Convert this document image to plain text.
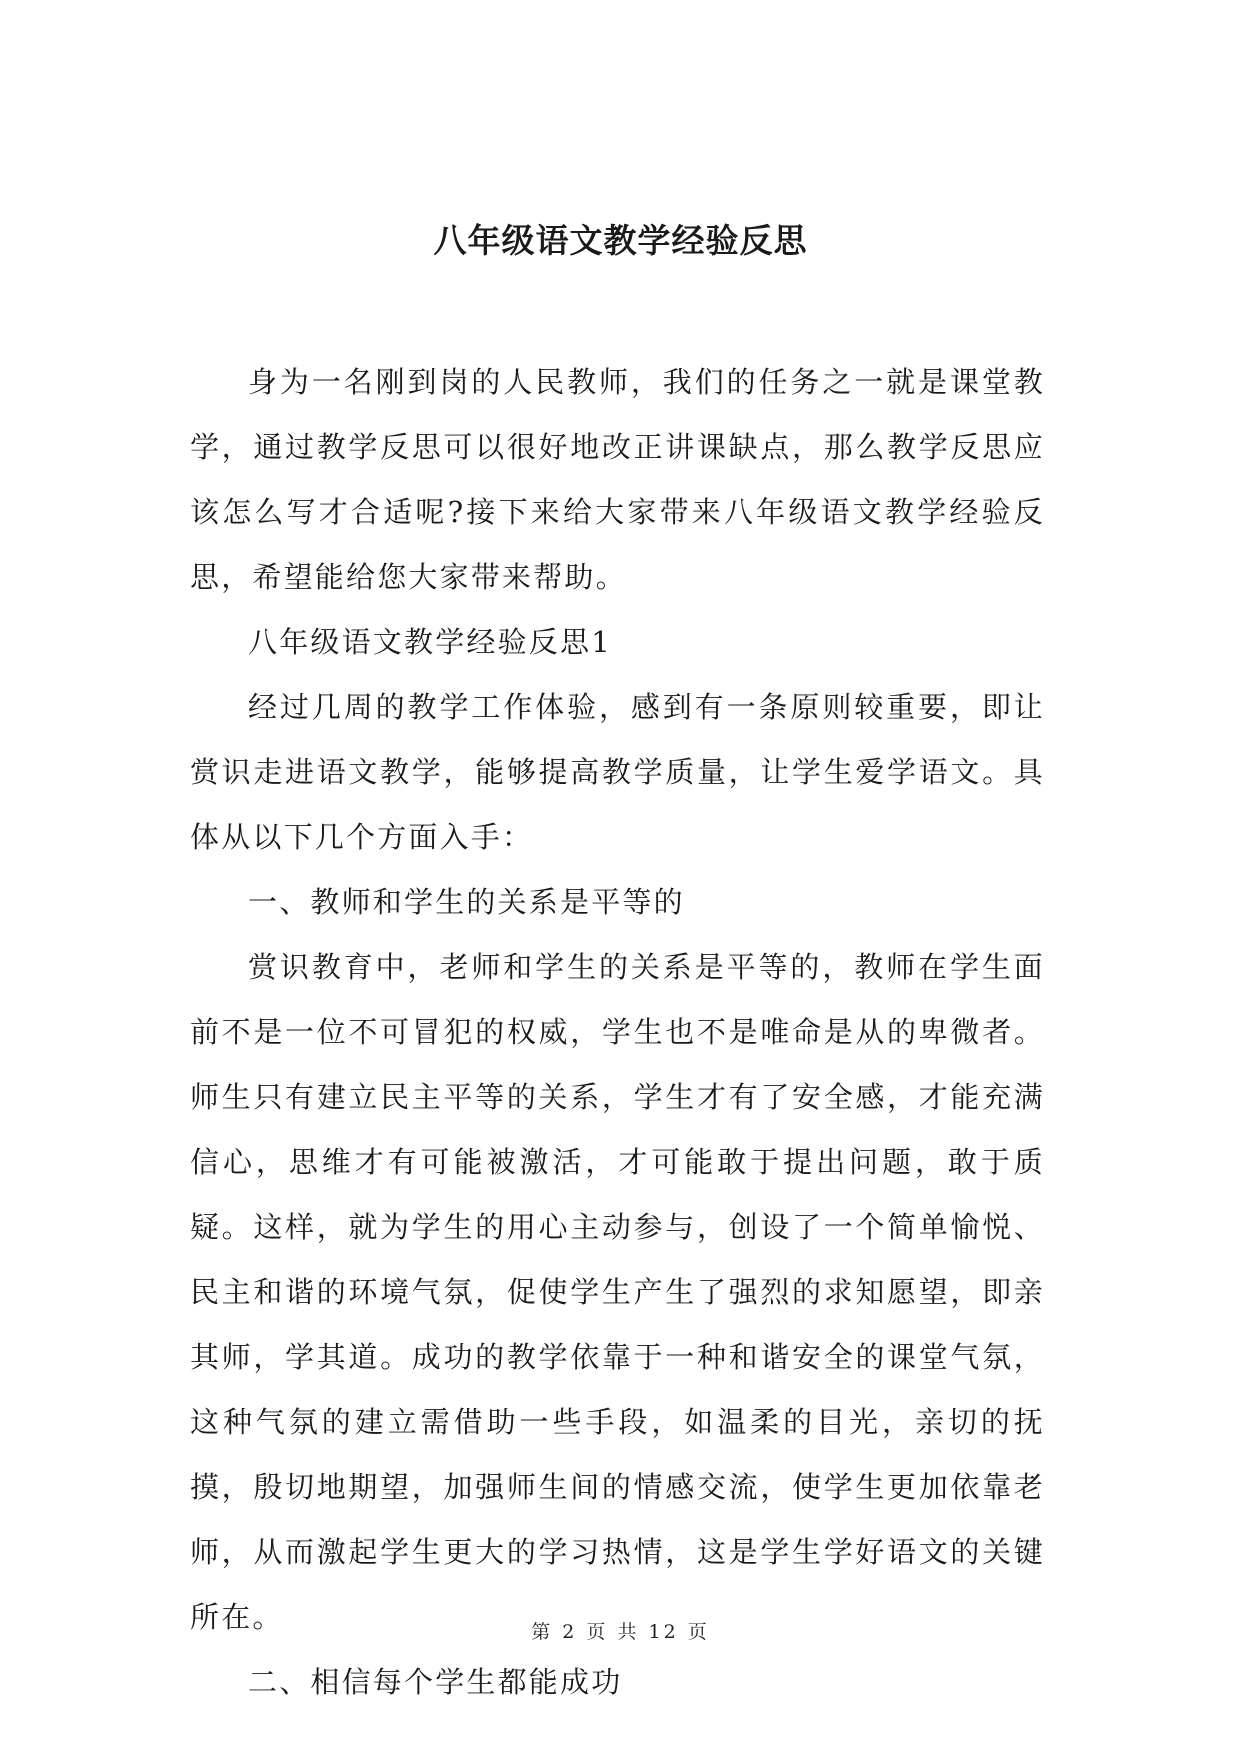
八年级语文教学经验反思

身为一名刚到岗的人民教师，我们的任务之一就是课堂教学，通过教学反思可以很好地改正讲课缺点，那么教学反思应该怎么写才合适呢?接下来给大家带来八年级语文教学经验反思，希望能给您大家带来帮助。

八年级语文教学经验反思1

经过几周的教学工作体验，感到有一条原则较重要，即让赏识走进语文教学，能够提高教学质量，让学生爱学语文。具体从以下几个方面入手：

一、教师和学生的关系是平等的

赏识教育中，老师和学生的关系是平等的，教师在学生面前不是一位不可冒犯的权威，学生也不是唯命是从的卑微者。师生只有建立民主平等的关系，学生才有了安全感，才能充满信心，思维才有可能被激活，才可能敢于提出问题，敢于质疑。这样，就为学生的用心主动参与，创设了一个简单愉悦、民主和谐的环境气氛，促使学生产生了强烈的求知愿望，即亲其师，学其道。成功的教学依靠于一种和谐安全的课堂气氛，这种气氛的建立需借助一些手段，如温柔的目光，亲切的抚摸，殷切地期望，加强师生间的情感交流，使学生更加依靠老师，从而激起学生更大的学习热情，这是学生学好语文的关键所在。

二、相信每个学生都能成功

第 2 页 共 12 页
